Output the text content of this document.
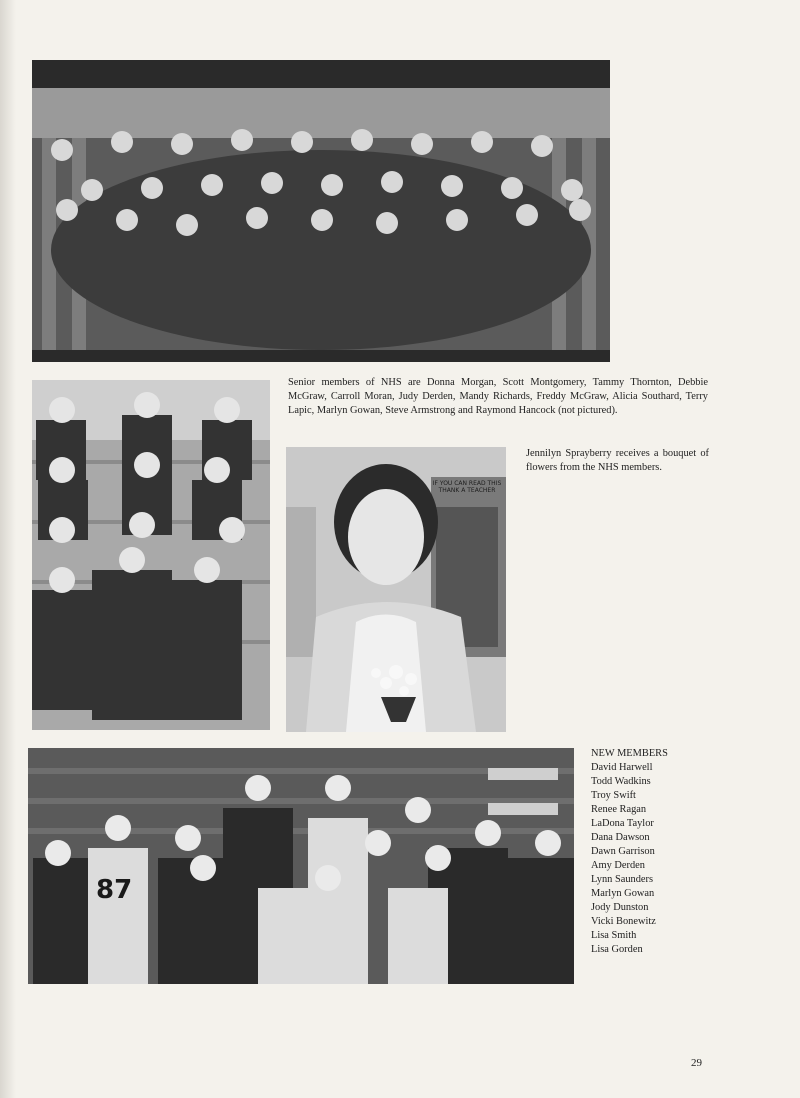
87

Senior members of NHS are Donna Morgan, Scott Montgomery, Tammy Thornton, Debbie McGraw, Carroll Moran, Judy Derden, Mandy Richards, Freddy McGraw, Alicia Southard, Terry Lapic, Marlyn Gowan, Steve Armstrong and Raymond Hancock (not pictured).

Jennilyn Sprayberry receives a bouquet of flowers from the NHS members.

NEW MEMBERS
David Harwell
Todd Wadkins
Troy Swift
Renee Ragan
LaDona Taylor
Dana Dawson
Dawn Garrison
Amy Derden
Lynn Saunders
Marlyn Gowan
Jody Dunston
Vicki Bonewitz
Lisa Smith
Lisa Gorden
29
IF YOU CAN READ THIS THANK A TEACHER
